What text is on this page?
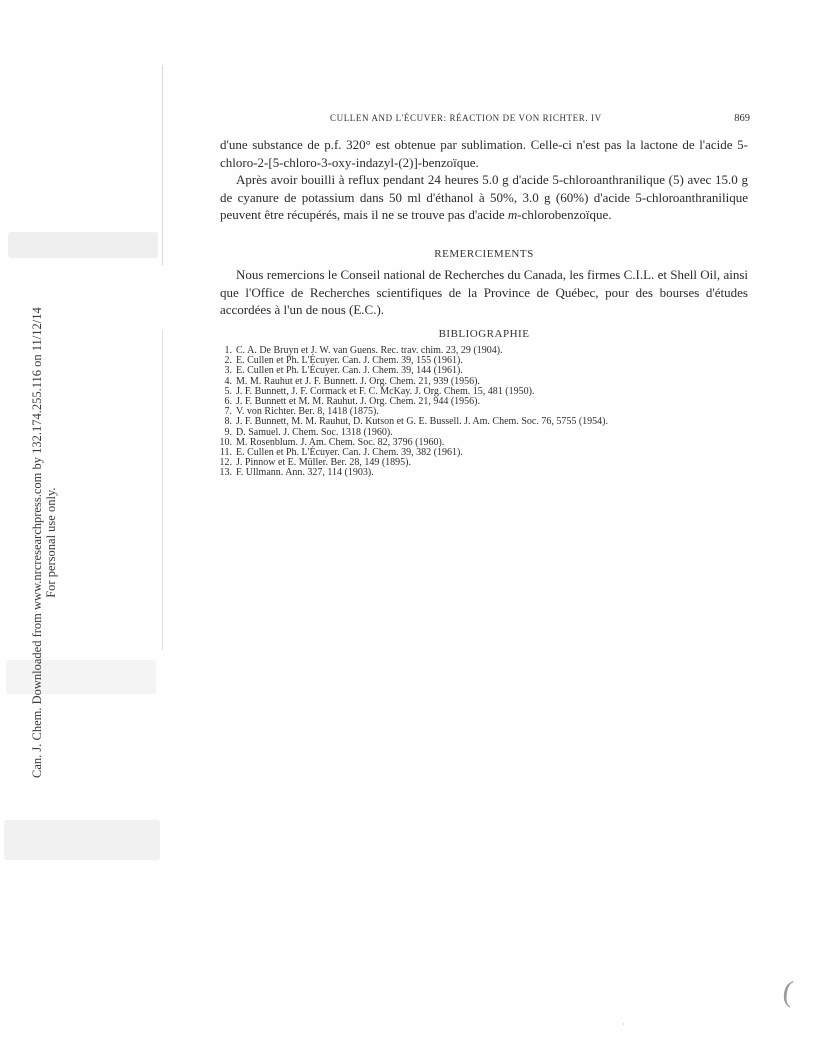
Can. J. Chem. Downloaded from www.nrcresearchpress.com by 132.174.255.116 on 11/12/14 For personal use only.
CULLEN AND L'ÉCUVER: RÉACTION DE VON RICHTER. IV	869

d'une substance de p.f. 320° est obtenue par sublimation. Celle-ci n'est pas la lactone de l'acide 5-chloro-2-[5-chloro-3-oxy-indazyl-(2)]-benzoïque.

Après avoir bouilli à reflux pendant 24 heures 5.0 g d'acide 5-chloroanthranilique (5) avec 15.0 g de cyanure de potassium dans 50 ml d'éthanol à 50%, 3.0 g (60%) d'acide 5-chloroanthranilique peuvent être récupérés, mais il ne se trouve pas d'acide m-chlorobenzoïque.

REMERCIEMENTS

Nous remercions le Conseil national de Recherches du Canada, les firmes C.I.L. et Shell Oil, ainsi que l'Office de Recherches scientifiques de la Province de Québec, pour des bourses d'études accordées à l'un de nous (E.C.).

BIBLIOGRAPHIE
1. C. A. De Bruyn et J. W. van Guens. Rec. trav. chim. 23, 29 (1904).
2. E. Cullen et Ph. L'Écuyer. Can. J. Chem. 39, 155 (1961).
3. E. Cullen et Ph. L'Écuyer. Can. J. Chem. 39, 144 (1961).
4. M. M. Rauhut et J. F. Bunnett. J. Org. Chem. 21, 939 (1956).
5. J. F. Bunnett, J. F. Cormack et F. C. McKay. J. Org. Chem. 15, 481 (1950).
6. J. F. Bunnett et M. M. Rauhut. J. Org. Chem. 21, 944 (1956).
7. V. von Richter. Ber. 8, 1418 (1875).
8. J. F. Bunnett, M. M. Rauhut, D. Kutson et G. E. Bussell. J. Am. Chem. Soc. 76, 5755 (1954).
9. D. Samuel. J. Chem. Soc. 1318 (1960).
10. M. Rosenblum. J. Am. Chem. Soc. 82, 3796 (1960).
11. E. Cullen et Ph. L'Écuyer. Can. J. Chem. 39, 382 (1961).
12. J. Pinnow et E. Müller. Ber. 28, 149 (1895).
13. F. Ullmann. Ann. 327, 114 (1903).
(
·
